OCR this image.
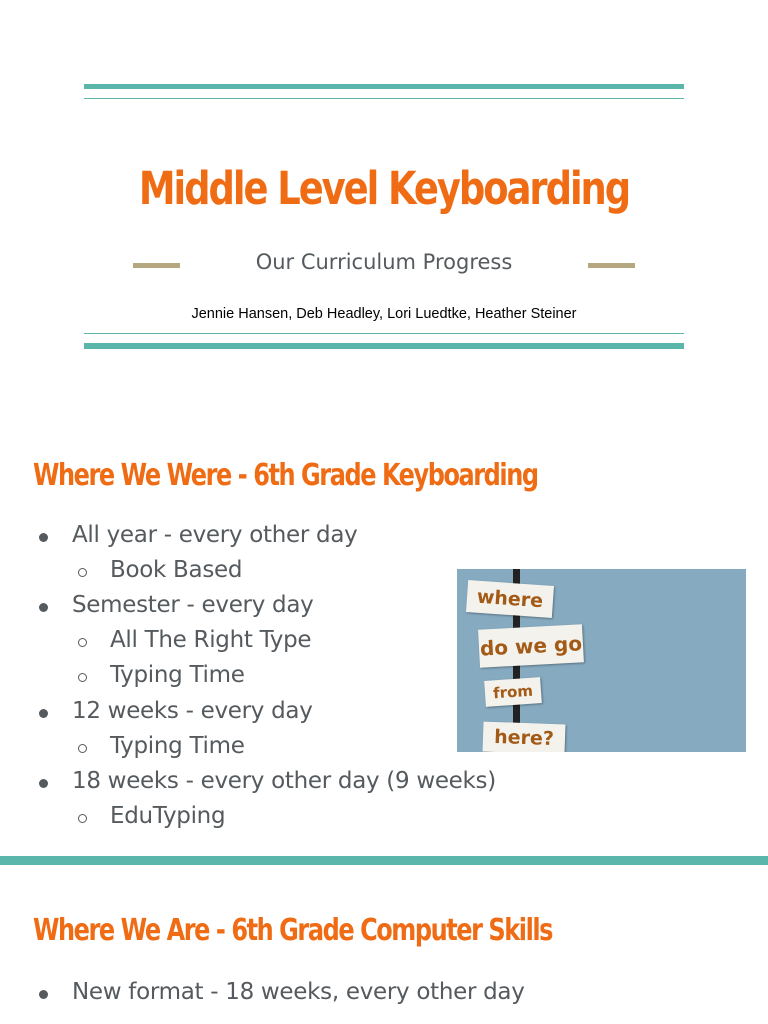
Middle Level Keyboarding
Our Curriculum Progress
Jennie Hansen, Deb Headley, Lori Luedtke, Heather Steiner
Where We Were - 6th Grade Keyboarding
All year - every other day
Book Based
Semester - every day
All The Right Type
Typing Time
12 weeks - every day
Typing Time
18 weeks - every other day (9 weeks)
EduTyping
where
do we go
from
here?
Where We Are - 6th Grade Computer Skills
New format - 18 weeks, every other day
